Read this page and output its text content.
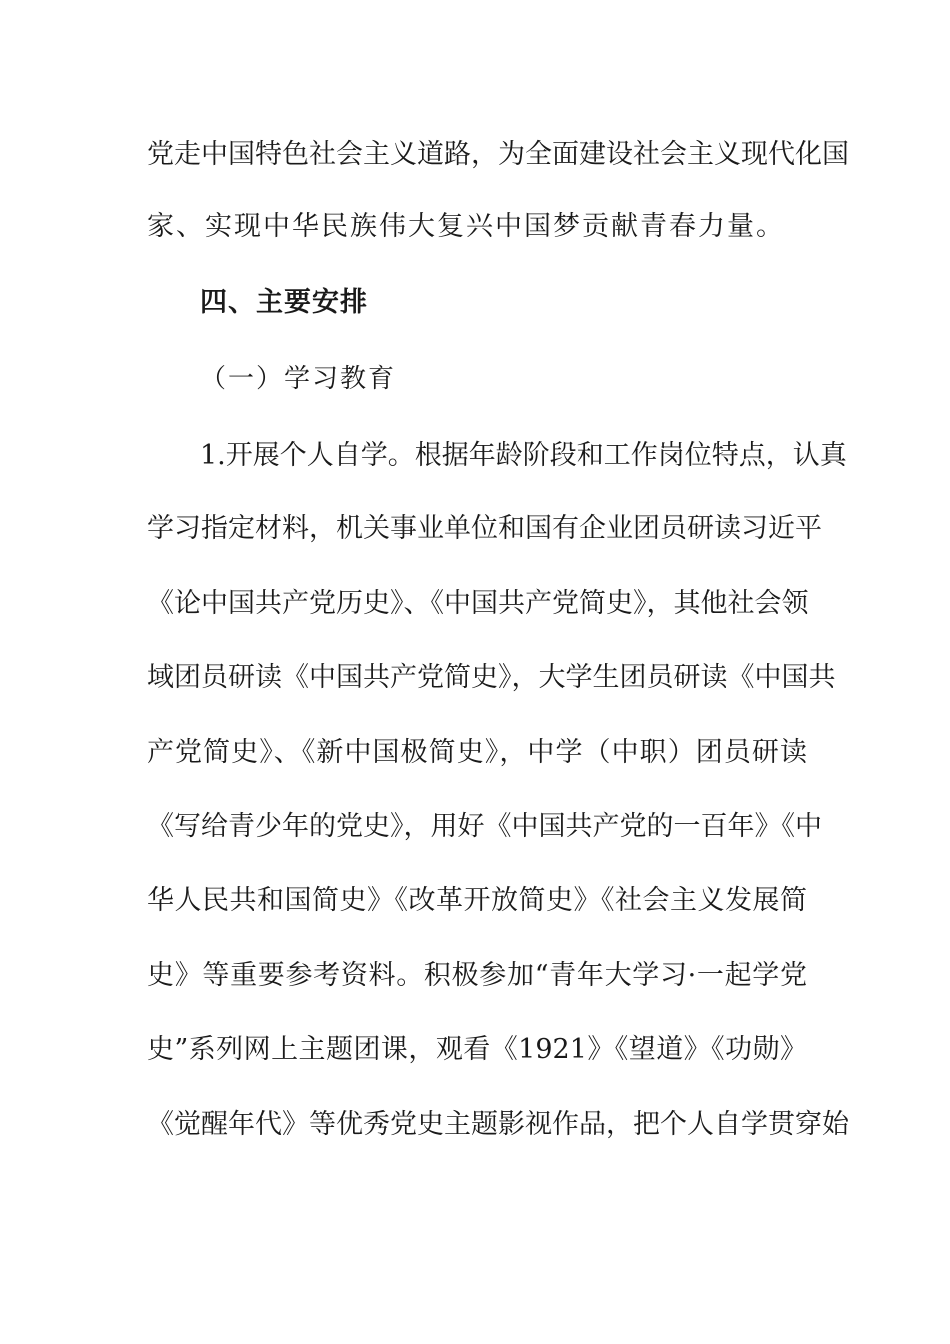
党走中国特色社会主义道路，为全面建设社会主义现代化国
家、实现中华民族伟大复兴中国梦贡献青春力量。
四、主要安排
（一）学习教育
1.开展个人自学。根据年龄阶段和工作岗位特点，认真
学习指定材料，机关事业单位和国有企业团员研读习近平
《论中国共产党历史》、《中国共产党简史》，其他社会领
域团员研读《中国共产党简史》，大学生团员研读《中国共
产党简史》、《新中国极简史》，中学（中职）团员研读
《写给青少年的党史》，用好《中国共产党的一百年》《中
华人民共和国简史》《改革开放简史》《社会主义发展简
史》等重要参考资料。积极参加“青年大学习·一起学党
史”系列网上主题团课，观看《1921》《望道》《功勋》
《觉醒年代》等优秀党史主题影视作品，把个人自学贯穿始
